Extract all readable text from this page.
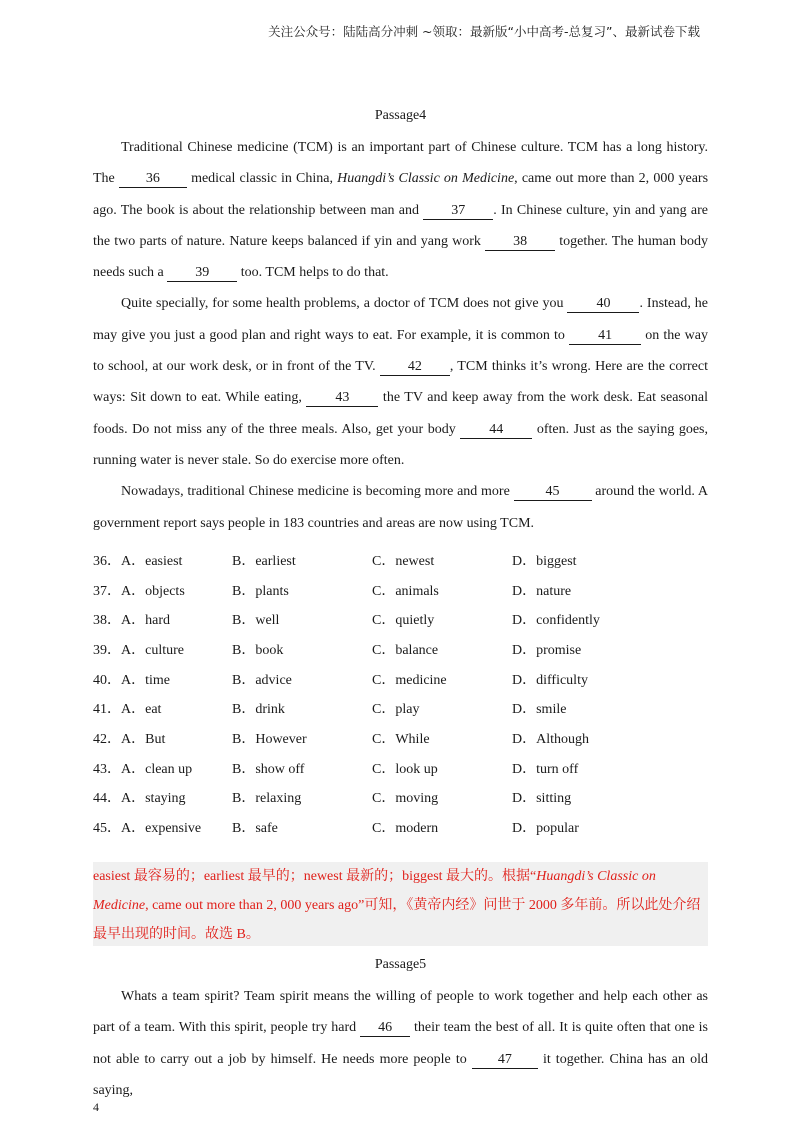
关注公众号：陆陆高分冲刺 ~领取：最新版“小中高考-总复习”、最新试卷下载
Passage4

Traditional Chinese medicine (TCM) is an important part of Chinese culture. TCM has a long history. The 36 medical classic in China, Huangdi’s Classic on Medicine, came out more than 2, 000 years ago. The book is about the relationship between man and 37 . In Chinese culture, yin and yang are the two parts of nature. Nature keeps balanced if yin and yang work 38 together. The human body needs such a 39 too. TCM helps to do that.

Quite specially, for some health problems, a doctor of TCM does not give you 40 . Instead, he may give you just a good plan and right ways to eat. For example, it is common to 41 on the way to school, at our work desk, or in front of the TV. 42 , TCM thinks it’s wrong. Here are the correct ways: Sit down to eat. While eating, 43 the TV and keep away from the work desk. Eat seasonal foods. Do not miss any of the three meals. Also, get your body 44 often. Just as the saying goes, running water is never stale. So do exercise more often.

Nowadays, traditional Chinese medicine is becoming more and more 45 around the world. A government report says people in 183 countries and areas are now using TCM.

36．A．easiest	B．earliest	C．newest	D．biggest
37．A．objects	B．plants	C．animals	D．nature
38．A．hard	B．well	C．quietly	D．confidently
39．A．culture	B．book	C．balance	D．promise
40．A．time	B．advice	C．medicine	D．difficulty
41．A．eat	B．drink	C．play	D．smile
42．A．But	B．However	C．While	D．Although
43．A．clean up	B．show off	C．look up	D．turn off
44．A．staying	B．relaxing	C．moving	D．sitting
45．A．expensive	B．safe	C．modern	D．popular
easiest 最容易的；earliest 最早的；newest 最新的；biggest 最大的。根据“Huangdi’s Classic on Medicine, came out more than 2, 000 years ago”可知，《黄帝内经》问世于 2000 多年前。所以此处介绍最早出现的时间。故选 B。
Passage5

Whats a team spirit? Team spirit means the willing of people to work together and help each other as part of a team. With this spirit, people try hard 46 their team the best of all. It is quite often that one is not able to carry out a job by himself. He needs more people to 47 it together. China has an old saying,

4
